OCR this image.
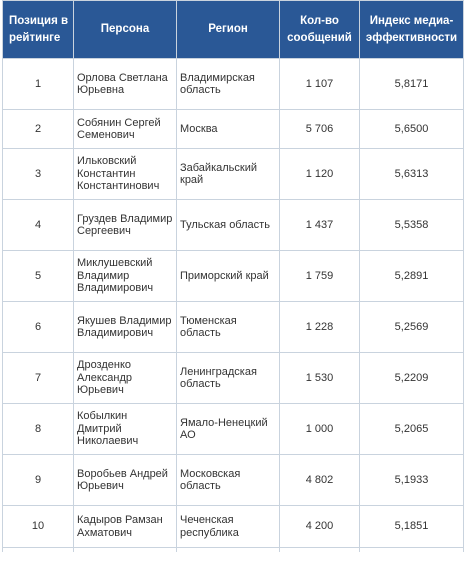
Позиция в рейтинге	Персона	Регион	Кол-во сообщений	Индекс медиа-эффективности
1	Орлова Светлана Юрьевна	Владимирская область	1 107	5,8171
2	Собянин Сергей Семенович	Москва	5 706	5,6500
3	Ильковский Константин Константинович	Забайкальский край	1 120	5,6313
4	Груздев Владимир Сергеевич	Тульская область	1 437	5,5358
5	Миклушевский Владимир Владимирович	Приморский край	1 759	5,2891
6	Якушев Владимир Владимирович	Тюменская область	1 228	5,2569
7	Дрозденко Александр Юрьевич	Ленинградская область	1 530	5,2209
8	Кобылкин Дмитрий Николаевич	Ямало-Ненецкий АО	1 000	5,2065
9	Воробьев Андрей Юрьевич	Московская область	4 802	5,1933
10	Кадыров Рамзан Ахматович	Чеченская республика	4 200	5,1851
